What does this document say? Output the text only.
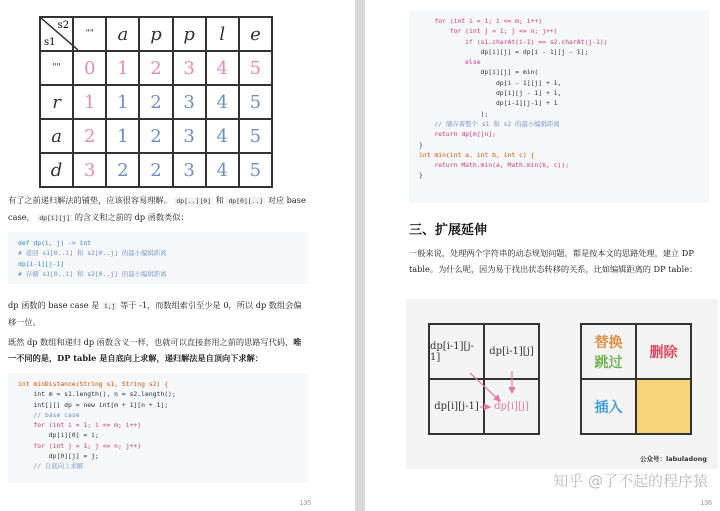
s2
s1	""	a	p	p	l	e
""	0	1	2	3	4	5
r	1	1	2	3	4	5
a	2	1	2	3	4	5
d	3	2	2	3	4	5
有了之前递归解法的铺垫，应该很容易理解。 dp[..][0] 和 dp[0][..] 对应 base case， dp[i][j] 的含义和之前的 dp 函数类似：
def dp(i, j) -> int
# 返回 s1[0..i] 和 s2[0..j] 的最小编辑距离
dp[i-1][j-1]
# 存储 s1[0..i] 和 s2[0..j] 的最小编辑距离
dp 函数的 base case 是 i,j 等于 -1，而数组索引至少是 0，所以 dp 数组会偏移一位。
既然 dp 数组和递归 dp 函数含义一样，也就可以直接套用之前的思路写代码，唯一不同的是，DP table 是自底向上求解，递归解法是自顶向下求解：
int minDistance(String s1, String s2) {
int m = s1.length(), n = s2.length();
int[][] dp = new int[m + 1][n + 1];
// base case
for (int i = 1; i <= m; i++)
dp[i][0] = i;
for (int j = 1; j <= n; j++)
dp[0][j] = j;
// 自底向上求解
135
for (int i = 1; i <= m; i++)
for (int j = 1; j <= n; j++)
if (s1.charAt(i-1) == s2.charAt(j-1))
dp[i][j] = dp[i - 1][j - 1];
else
dp[i][j] = min(
dp[i - 1][j] + 1,
dp[i][j - 1] + 1,
dp[i-1][j-1] + 1
);
// 储存着整个 s1 和 s2 的最小编辑距离
return dp[m][n];
}
int min(int a, int b, int c) {
return Math.min(a, Math.min(b, c));
}
三、扩展延伸
一般来说，处理两个字符串的动态规划问题，都是按本文的思路处理，建立 DP table。为什么呢，因为易于找出状态转移的关系，比如编辑距离的 DP table：
dp[i-1][j-1]	dp[i-1][j]
dp[i][j-1]	dp[i][j]
替换
跳过
删除
插入
公众号：labuladong
知乎 @了不起的程序猿
136
